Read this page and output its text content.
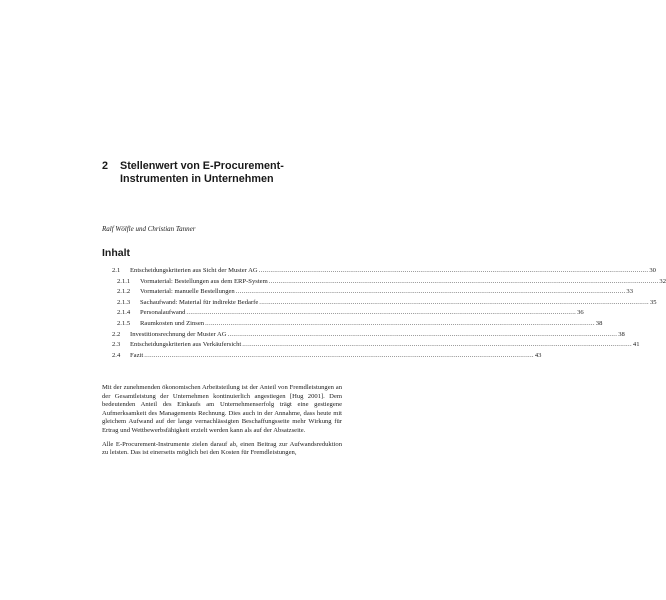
2	Stellenwert von E-Procurement-Instrumenten in Unternehmen
Ralf Wölfle und Christian Tanner
Inhalt
2.1	Entscheidungskriterien aus Sicht der Muster AG ........................................................................................................................................................................................................ 30
2.1.1	Vormaterial: Bestellungen aus dem ERP-System ........................................................................................................................................................................................................ 32
2.1.2	Vormaterial: manuelle Bestellungen ........................................................................................................................................................................................................ 33
2.1.3	Sachaufwand: Material für indirekte Bedarfe ........................................................................................................................................................................................................ 35
2.1.4	Personalaufwand ........................................................................................................................................................................................................ 36
2.1.5	Raumkosten und Zinsen ........................................................................................................................................................................................................ 38
2.2	Investitionsrechnung der Muster AG ........................................................................................................................................................................................................ 38
2.3	Entscheidungskriterien aus Verkäufersicht ........................................................................................................................................................................................................ 41
2.4	Fazit ........................................................................................................................................................................................................ 43

Mit der zunehmenden ökonomischen Arbeitsteilung ist der Anteil von Fremdleistungen an der Gesamtleistung der Unternehmen kontinuierlich angestiegen [Hug 2001]. Dem bedeutenden Anteil des Einkaufs am Unternehmenserfolg trägt eine gestiegene Aufmerksamkeit des Managements Rechnung. Dies auch in der Annahme, dass heute mit gleichem Aufwand auf der lange vernachlässigten Beschaffungsseite mehr Wirkung für Ertrag und Wettbewerbsfähigkeit erzielt werden kann als auf der Absatzseite.

Alle E-Procurement-Instrumente zielen darauf ab, einen Beitrag zur Aufwandsreduktion zu leisten. Das ist einerseits möglich bei den Kosten für Fremdleistungen,
